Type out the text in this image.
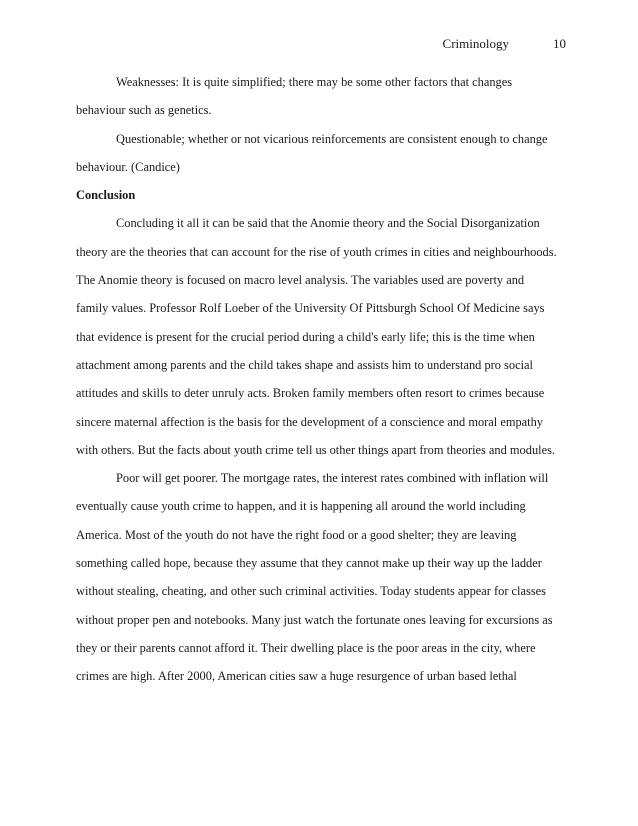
Criminology	10

Weaknesses: It is quite simplified; there may be some other factors that changes
behaviour such as genetics.

Questionable; whether or not vicarious reinforcements are consistent enough to change
behaviour. (Candice)

Conclusion

Concluding it all it can be said that the Anomie theory and the Social Disorganization
theory are the theories that can account for the rise of youth crimes in cities and neighbourhoods.
The Anomie theory is focused on macro level analysis. The variables used are poverty and
family values. Professor Rolf Loeber of the University Of Pittsburgh School Of Medicine says
that evidence is present for the crucial period during a child's early life; this is the time when
attachment among parents and the child takes shape and assists him to understand pro social
attitudes and skills to deter unruly acts. Broken family members often resort to crimes because
sincere maternal affection is the basis for the development of a conscience and moral empathy
with others. But the facts about youth crime tell us other things apart from theories and modules.

Poor will get poorer. The mortgage rates, the interest rates combined with inflation will
eventually cause youth crime to happen, and it is happening all around the world including
America. Most of the youth do not have the right food or a good shelter; they are leaving
something called hope, because they assume that they cannot make up their way up the ladder
without stealing, cheating, and other such criminal activities. Today students appear for classes
without proper pen and notebooks. Many just watch the fortunate ones leaving for excursions as
they or their parents cannot afford it. Their dwelling place is the poor areas in the city, where
crimes are high. After 2000, American cities saw a huge resurgence of urban based lethal
